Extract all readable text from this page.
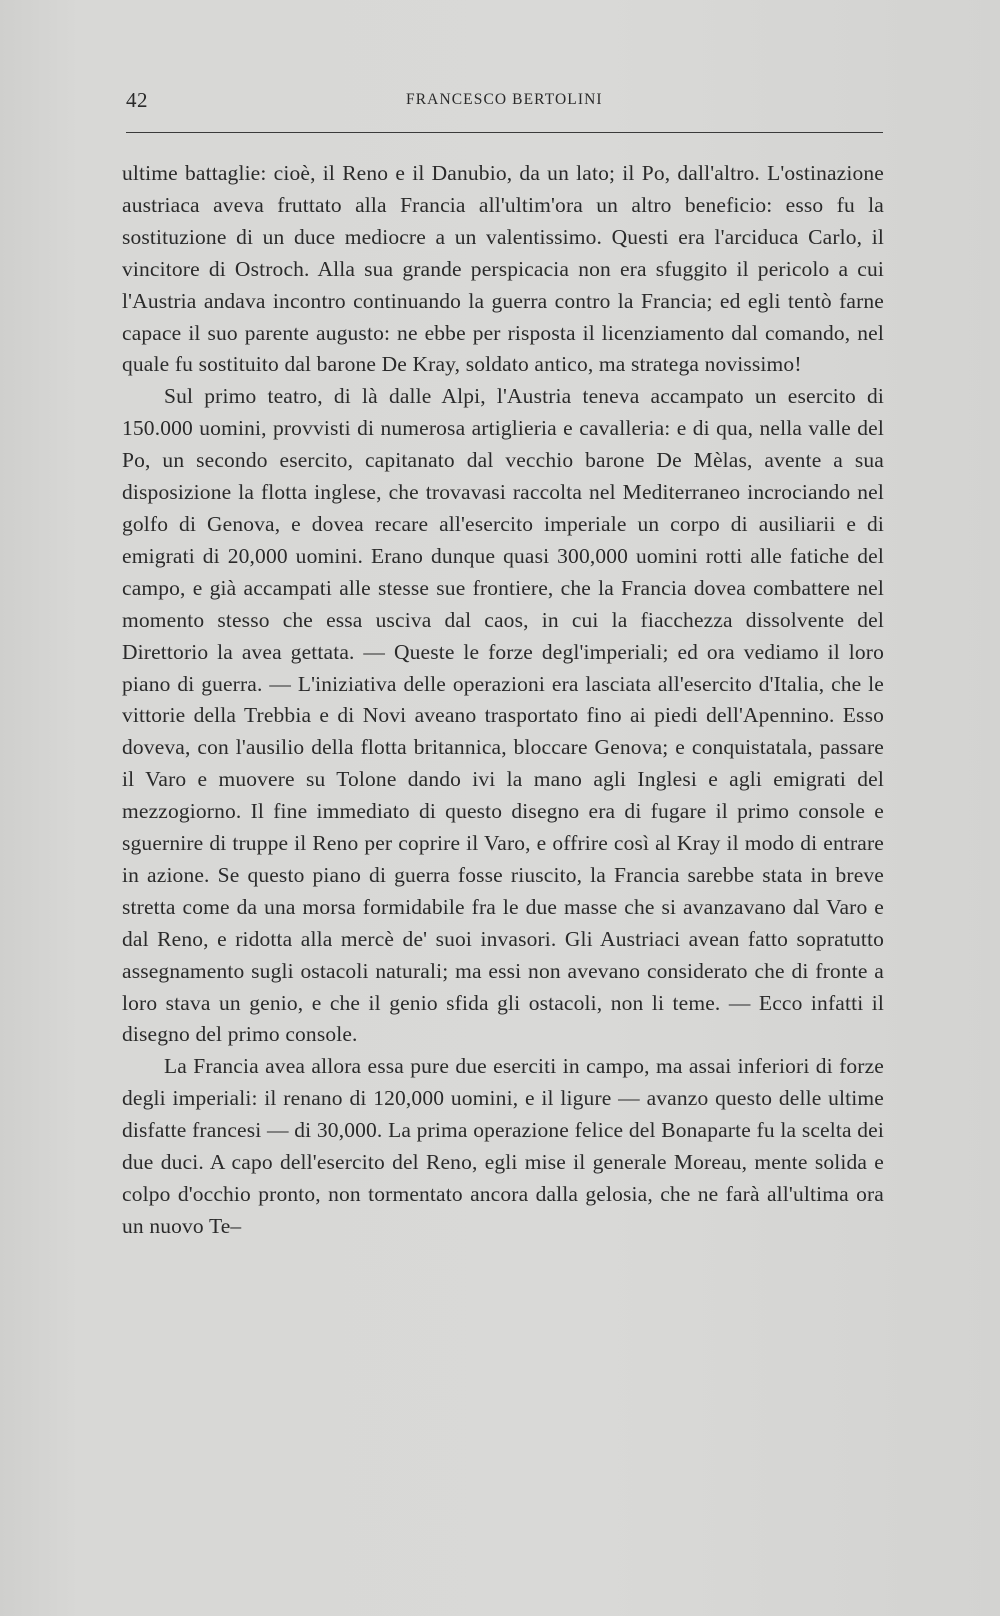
42	FRANCESCO BERTOLINI

ultime battaglie: cioè, il Reno e il Danubio, da un lato; il Po, dall'altro. L'ostinazione austriaca aveva fruttato alla Francia all'ultim'ora un altro beneficio: esso fu la sostituzione di un duce mediocre a un valentissimo. Questi era l'arciduca Carlo, il vincitore di Ostroch. Alla sua grande perspicacia non era sfuggito il pericolo a cui l'Austria andava incontro continuando la guerra contro la Francia; ed egli tentò farne capace il suo parente augusto: ne ebbe per risposta il licenziamento dal comando, nel quale fu sostituito dal barone De Kray, soldato antico, ma stratega novissimo!

Sul primo teatro, di là dalle Alpi, l'Austria teneva accampato un esercito di 150.000 uomini, provvisti di numerosa artiglieria e cavalleria: e di qua, nella valle del Po, un secondo esercito, capitanato dal vecchio barone De Mèlas, avente a sua disposizione la flotta inglese, che trovavasi raccolta nel Mediterraneo incrociando nel golfo di Genova, e dovea recare all'esercito imperiale un corpo di ausiliarii e di emigrati di 20,000 uomini. Erano dunque quasi 300,000 uomini rotti alle fatiche del campo, e già accampati alle stesse sue frontiere, che la Francia dovea combattere nel momento stesso che essa usciva dal caos, in cui la fiacchezza dissolvente del Direttorio la avea gettata. — Queste le forze degl'imperiali; ed ora vediamo il loro piano di guerra. — L'iniziativa delle operazioni era lasciata all'esercito d'Italia, che le vittorie della Trebbia e di Novi aveano trasportato fino ai piedi dell'Apennino. Esso doveva, con l'ausilio della flotta britannica, bloccare Genova; e conquistatala, passare il Varo e muovere su Tolone dando ivi la mano agli Inglesi e agli emigrati del mezzogiorno. Il fine immediato di questo disegno era di fugare il primo console e sguernire di truppe il Reno per coprire il Varo, e offrire così al Kray il modo di entrare in azione. Se questo piano di guerra fosse riuscito, la Francia sarebbe stata in breve stretta come da una morsa formidabile fra le due masse che si avanzavano dal Varo e dal Reno, e ridotta alla mercè de' suoi invasori. Gli Austriaci avean fatto sopratutto assegnamento sugli ostacoli naturali; ma essi non avevano considerato che di fronte a loro stava un genio, e che il genio sfida gli ostacoli, non li teme. — Ecco infatti il disegno del primo console.

La Francia avea allora essa pure due eserciti in campo, ma assai inferiori di forze degli imperiali: il renano di 120,000 uomini, e il ligure — avanzo questo delle ultime disfatte francesi — di 30,000. La prima operazione felice del Bonaparte fu la scelta dei due duci. A capo dell'esercito del Reno, egli mise il generale Moreau, mente solida e colpo d'occhio pronto, non tormentato ancora dalla gelosia, che ne farà all'ultima ora un nuovo Te–
